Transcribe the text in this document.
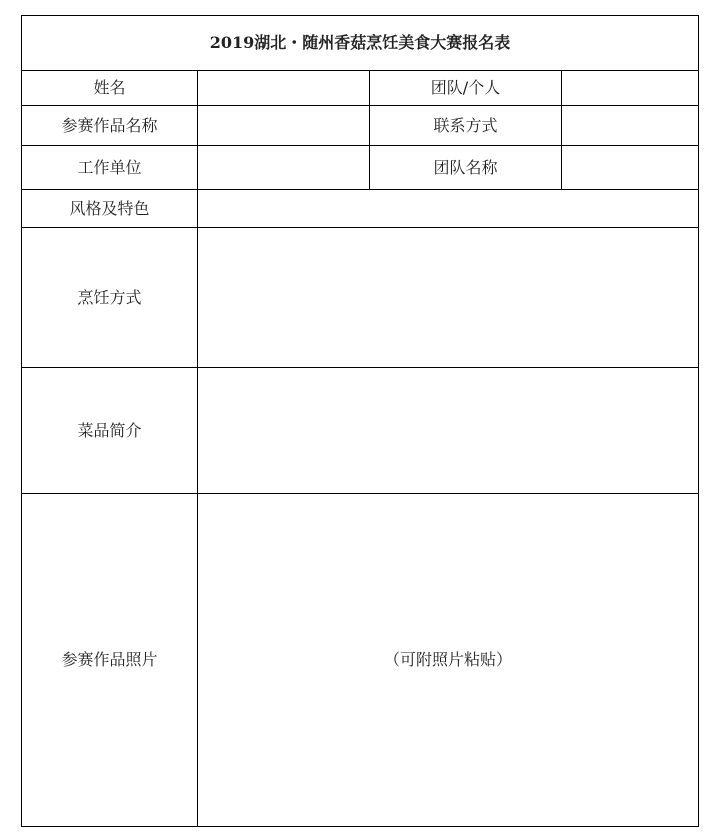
2019湖北・随州香菇烹饪美食大赛报名表			
姓名		团队/个人	
参赛作品名称		联系方式	
工作单位		团队名称	
风格及特色			
烹饪方式			
菜品简介			
参赛作品照片	（可附照片粘贴）		
